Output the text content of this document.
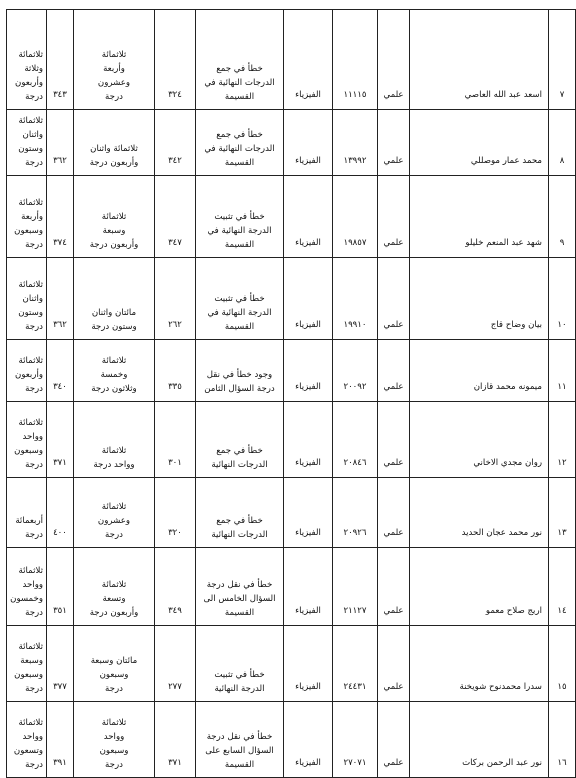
٧	اسعد عبد الله العاصي	علمي	١١١١٥	الفيزياء	خطأ في جمع
الدرجات النهائية في
القسيمة	٣٢٤	ثلاثمائة
وأربعة
وعشرون
درجة	٣٤٣	ثلاثمائة
وثلاثة
وأربعون
درجة

٨	محمد عمار موصللي	علمي	١٣٩٩٢	الفيزياء	خطأ في جمع
الدرجات النهائية في
القسيمة	٣٤٢	ثلاثمائة واثنان
وأربعون درجة	٣٦٢	ثلاثمائة
واثنان
وستون
درجة

٩	شهد عبد المنعم خليلو	علمي	١٩٨٥٧	الفيزياء	خطأ في تثبيت
الدرجة النهائية في
القسيمة	٣٤٧	ثلاثمائة
وسبعة
وأربعون درجة	٣٧٤	ثلاثمائة
وأربعة
وسبعون
درجة

١٠	بيان وضاح قاج	علمي	١٩٩١٠	الفيزياء	خطأ في تثبيت
الدرجة النهائية في
القسيمة	٢٦٢	مائتان واثنان
وستون درجة	٣٦٢	ثلاثمائة
واثنان
وستون
درجة

١١	ميمونه محمد قازان	علمي	٢٠٠٩٢	الفيزياء	وجود خطأ في نقل
درجة السؤال الثامن	٣٣٥	ثلاثمائة
وخمسة
وثلاثون درجة	٣٤٠	ثلاثمائة
وأربعون
درجة

١٢	روان مجدي الاخاني	علمي	٢٠٨٤٦	الفيزياء	خطأ في جمع
الدرجات النهائية	٣٠١	ثلاثمائة
وواحد درجة	٣٧١	ثلاثمائة
وواحد
وسبعون
درجة

١٣	نور محمد عجان الحديد	علمي	٢٠٩٢٦	الفيزياء	خطأ في جمع
الدرجات النهائية	٣٢٠	ثلاثمائة
وعشرون
درجة	٤٠٠	أربعمائة
درجة

١٤	اريج صلاح معمو	علمي	٢١١٢٧	الفيزياء	خطأ في نقل درجة
السؤال الخامس الى
القسيمة	٣٤٩	ثلاثمائة
وتسعة
وأربعون درجة	٣٥١	ثلاثمائة
وواحد
وخمسون
درجة

١٥	سدرا محمدنوح شويخنة	علمي	٢٤٤٣١	الفيزياء	خطأ في تثبيت
الدرجة النهائية	٢٧٧	مائتان وسبعة
وسبعون
درجة	٣٧٧	ثلاثمائة
وسبعة
وسبعون
درجة

١٦	نور عبد الرحمن بركات	علمي	٢٧٠٧١	الفيزياء	خطأ في نقل درجة
السؤال السابع على
القسيمة	٣٧١	ثلاثمائة
وواحد
وسبعون
درجة	٣٩١	ثلاثمائة
وواحد
وتسعون
درجة
